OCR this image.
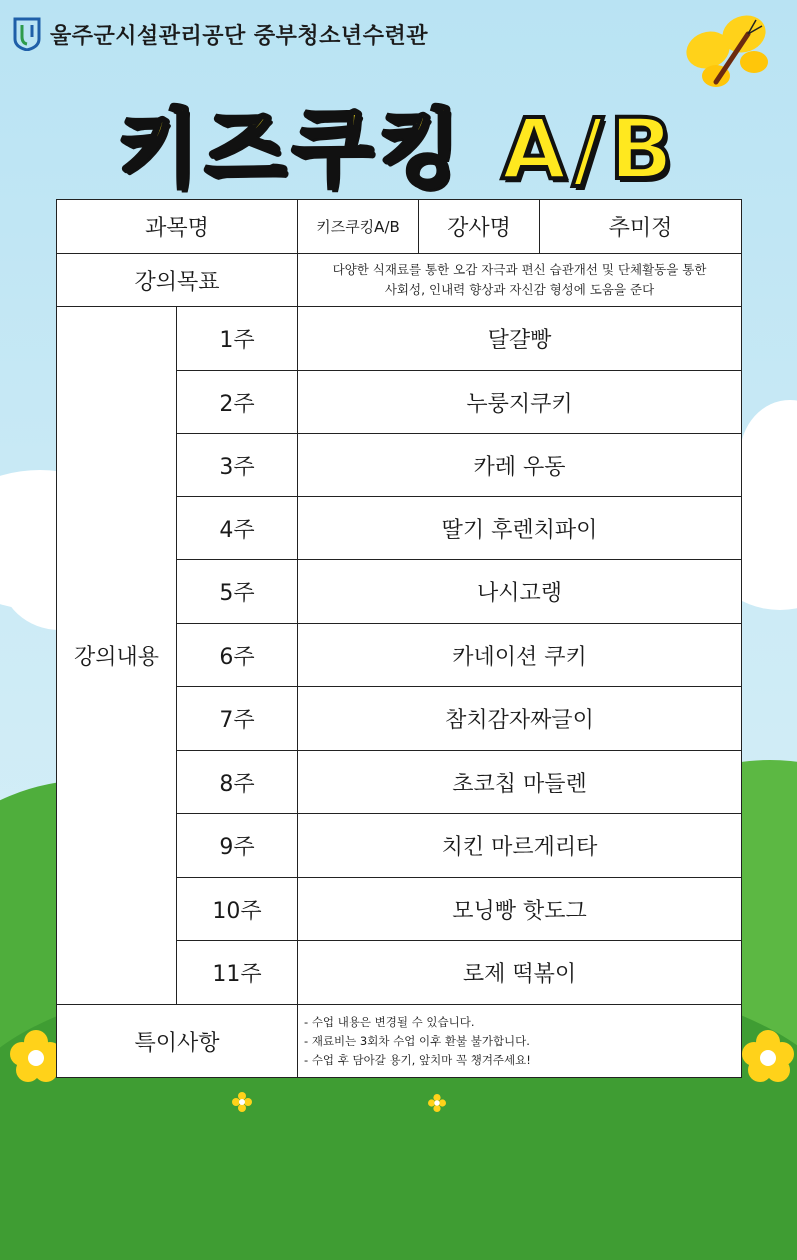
울주군시설관리공단 중부청소년수련관
키즈쿠킹 A/B
과목명		키즈쿠킹A/B	강사명	추미정
강의목표		다양한 식재료를 통한 오감 자극과 편신 습관개선 및 단체활동을 통한
사회성, 인내력 향상과 자신감 형성에 도움을 준다		

강의내용	1주	달걀빵		
	2주	누룽지쿠키		
	3주	카레 우동		
	4주	딸기 후렌치파이		
	5주	나시고랭		
	6주	카네이션 쿠키		
	7주	참치감자짜글이		
	8주	초코칩 마들렌		
	9주	치킨 마르게리타		
	10주	모닝빵 핫도그		
	11주	로제 떡볶이		
특이사항		- 수업 내용은 변경될 수 있습니다.
- 재료비는 3회차 수업 이후 환불 불가합니다.
- 수업 후 담아갈 용기, 앞치마 꼭 챙겨주세요!		
